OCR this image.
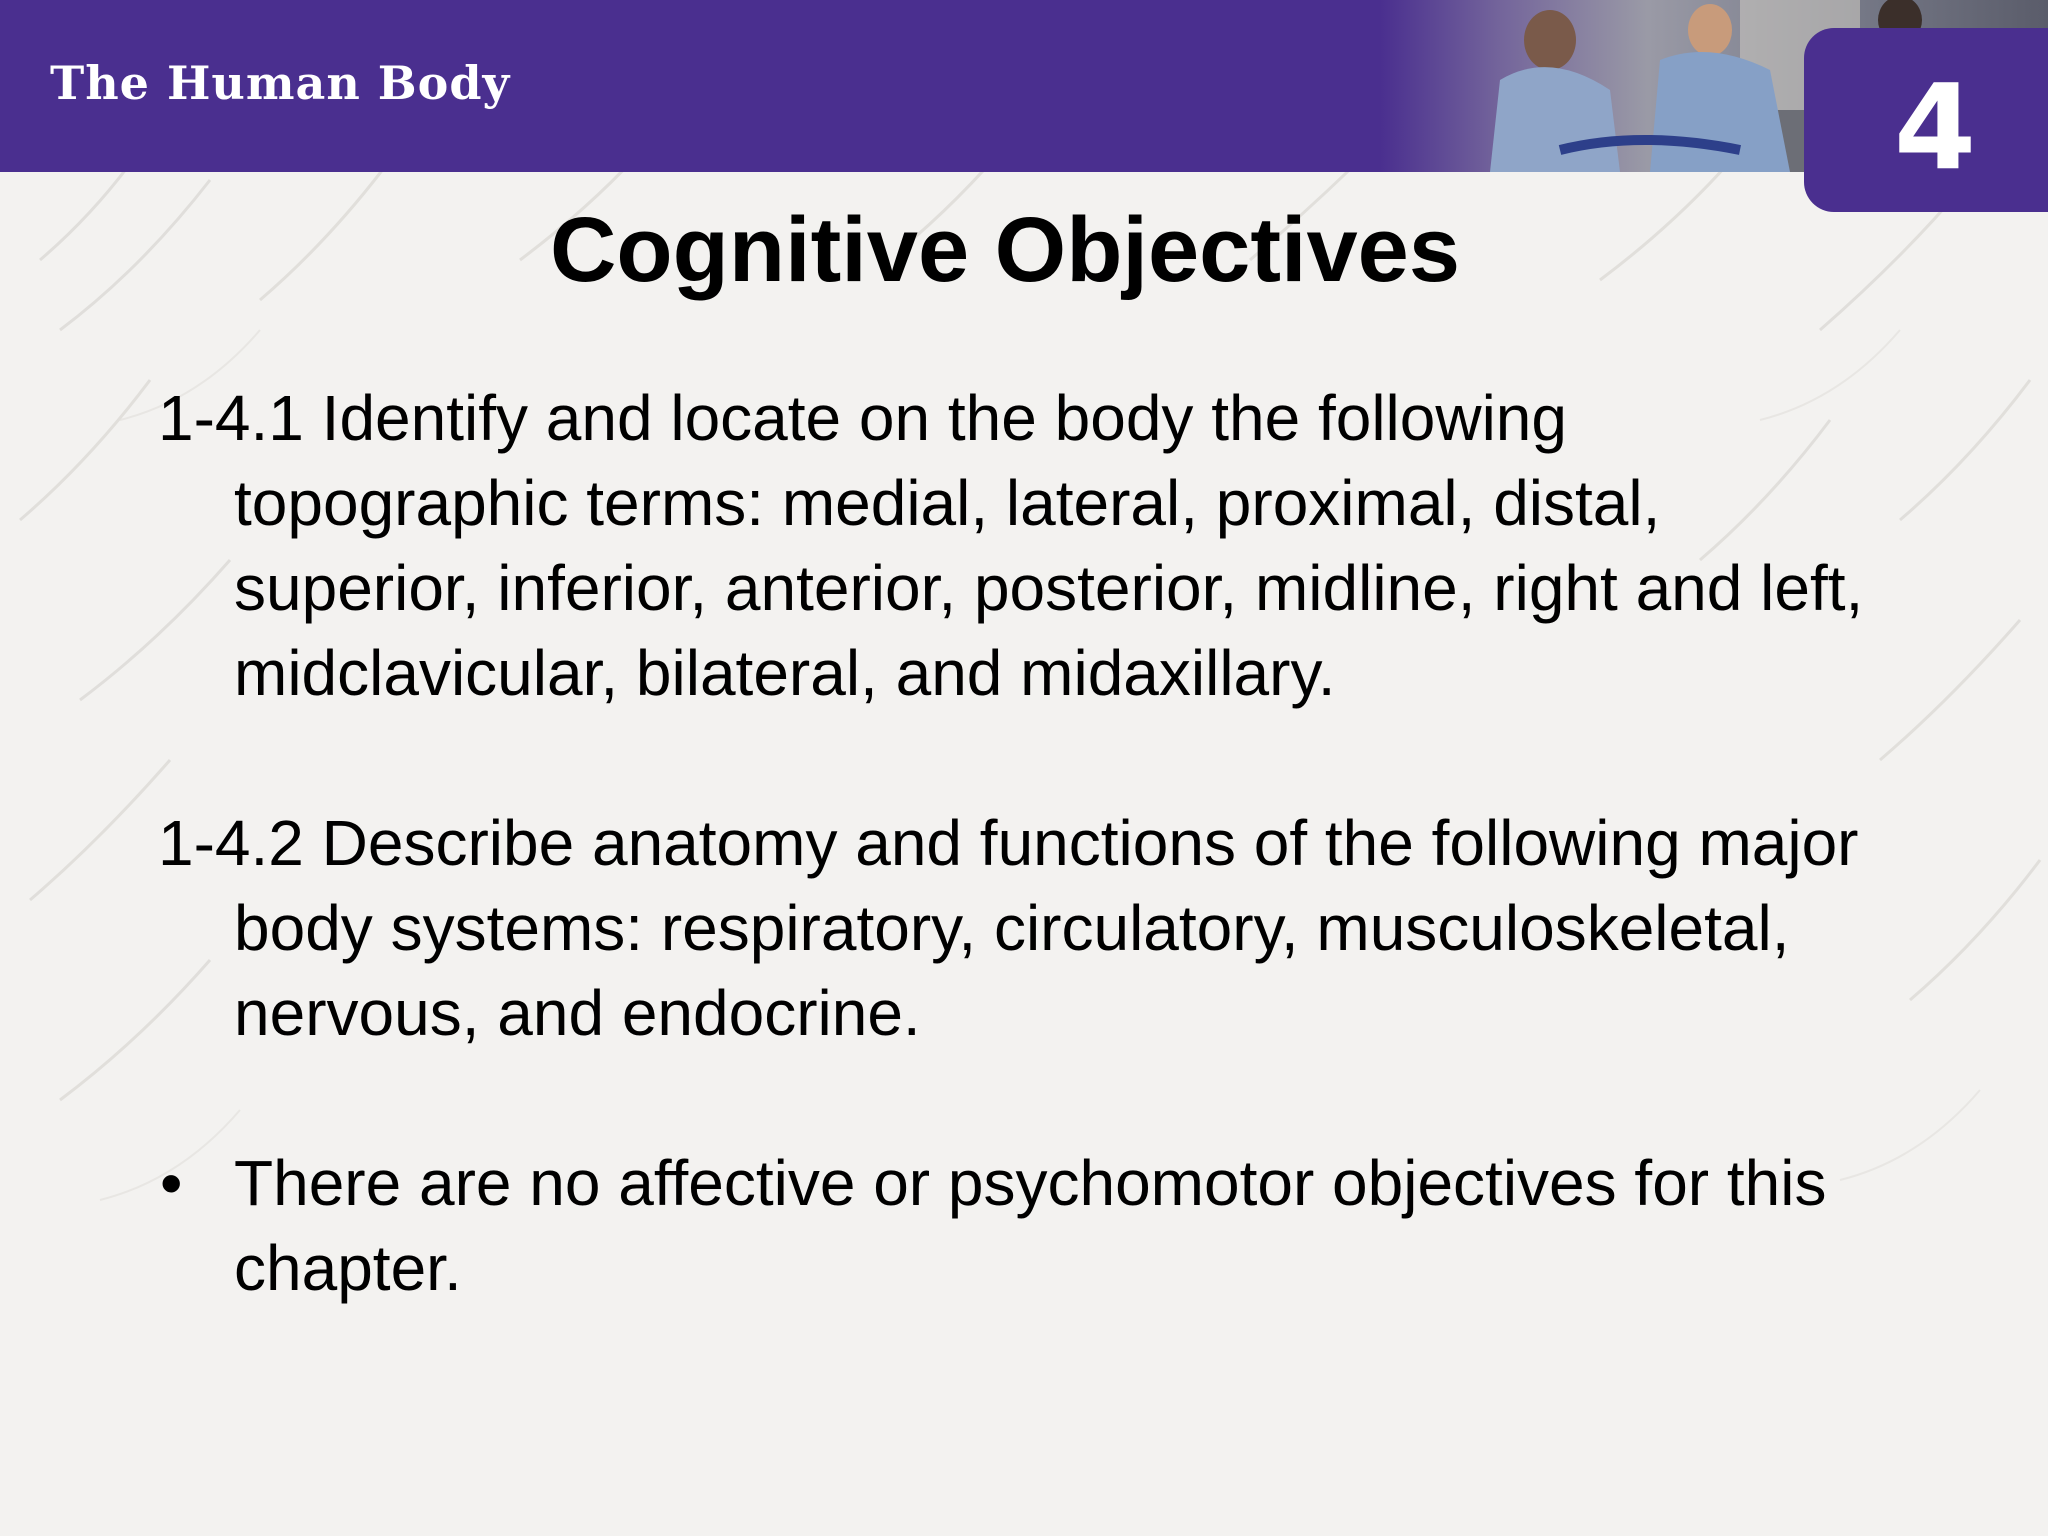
The Human Body	4
Cognitive Objectives

1-4.1 Identify and locate on the body the following topographic terms: medial, lateral, proximal, distal, superior, inferior, anterior, posterior, midline, right and left, midclavicular, bilateral, and midaxillary.

1-4.2 Describe anatomy and functions of the following major body systems: respiratory, circulatory, musculoskeletal, nervous, and endocrine.

• There are no affective or psychomotor objectives for this chapter.
